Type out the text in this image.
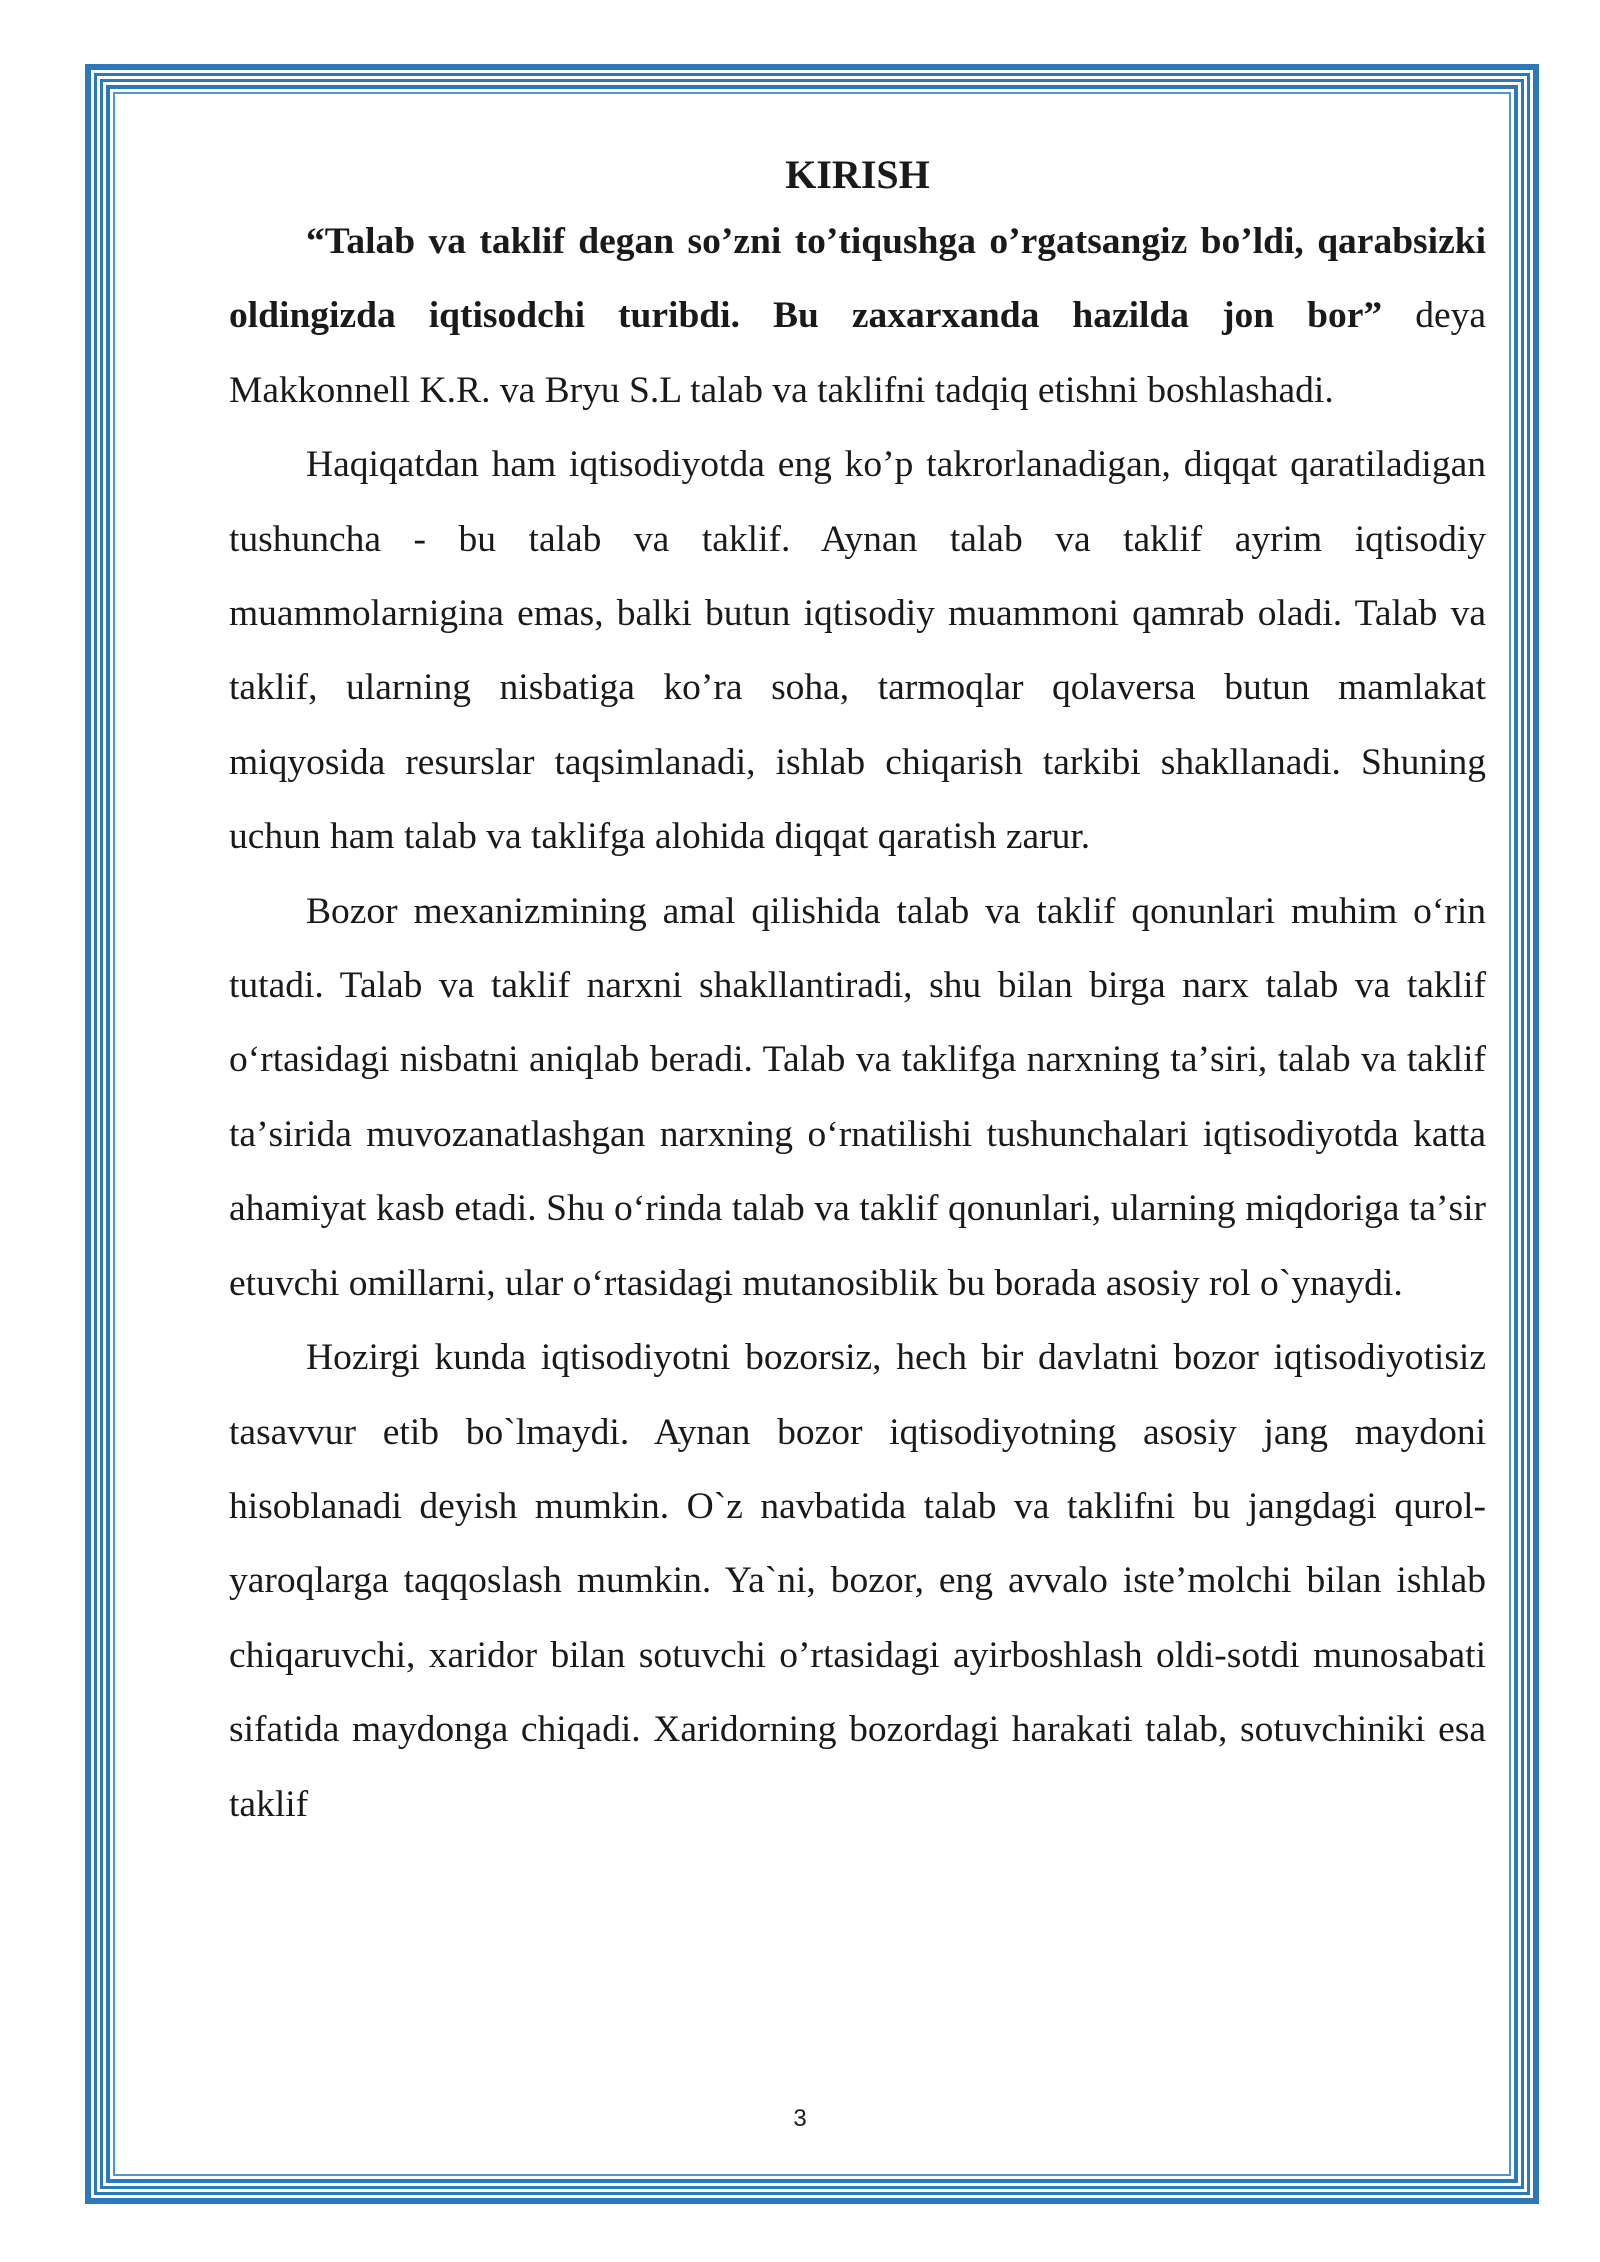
KIRISH

“Talab va taklif degan so’zni to’tiqushga o’rgatsangiz bo’ldi, qarabsizki oldingizda iqtisodchi turibdi. Bu zaxarxanda hazilda jon bor” deya Makkonnell K.R. va Bryu S.L talab va taklifni tadqiq etishni boshlashadi.

Haqiqatdan ham iqtisodiyotda eng ko’p takrorlanadigan, diqqat qaratiladigan tushuncha - bu talab va taklif. Aynan talab va taklif ayrim iqtisodiy muammolarnigina emas, balki butun iqtisodiy muammoni qamrab oladi. Talab va taklif, ularning nisbatiga ko’ra soha, tarmoqlar qolaversa butun mamlakat miqyosida resurslar taqsimlanadi, ishlab chiqarish tarkibi shakllanadi. Shuning uchun ham talab va taklifga alohida diqqat qaratish zarur.

Bozor mexanizmining amal qilishida talab va taklif qonunlari muhim oʻrin tutadi. Talab va taklif narxni shakllantiradi, shu bilan birga narx talab va taklif oʻrtasidagi nisbatni aniqlab beradi. Talab va taklifga narxning taʼsiri, talab va taklif taʼsirida muvozanatlashgan narxning oʻrnatilishi tushunchalari iqtisodiyotda katta ahamiyat kasb etadi. Shu oʻrinda talab va taklif qonunlari, ularning miqdoriga taʼsir etuvchi omillarni, ular oʻrtasidagi mutanosiblik bu borada asosiy rol o`ynaydi.

Hozirgi kunda iqtisodiyotni bozorsiz, hech bir davlatni bozor iqtisodiyotisiz tasavvur etib bo`lmaydi. Aynan bozor iqtisodiyotning asosiy jang maydoni hisoblanadi deyish mumkin. O`z navbatida talab va taklifni bu jangdagi qurol-yaroqlarga taqqoslash mumkin. Ya`ni, bozor, eng avvalo iste’molchi bilan ishlab chiqaruvchi, xaridor bilan sotuvchi o’rtasidagi ayirboshlash oldi-sotdi munosabati sifatida maydonga chiqadi. Xaridorning bozordagi harakati talab, sotuvchiniki esa taklif

3
